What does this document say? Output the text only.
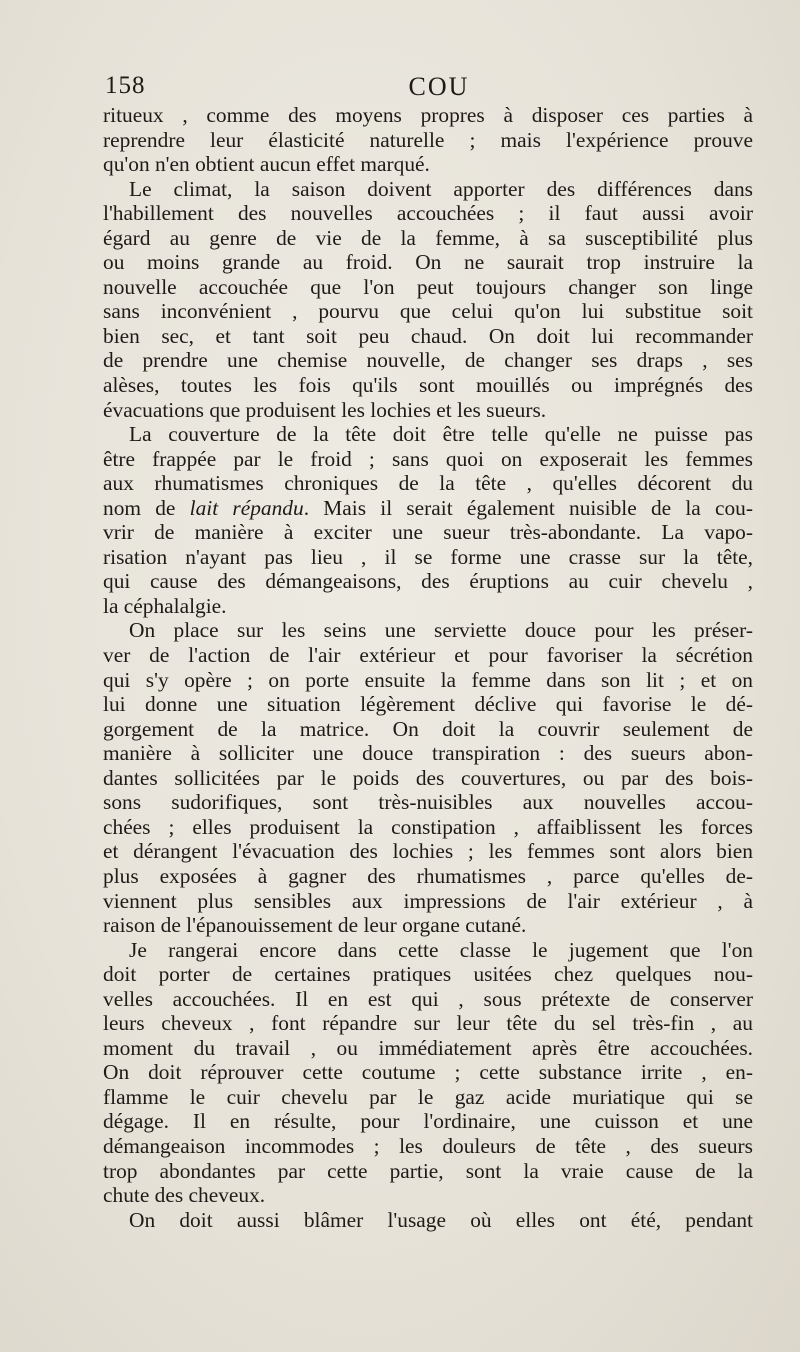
158	COU
rituеux , comme des moyens propres à disposer ces parties à
reprendre leur élasticité naturelle ; mais l'expérience prouve
qu'on n'en obtient aucun effet marqué.
Le climat, la saison doivent apporter des différences dans
l'habillement des nouvelles accouchées ; il faut aussi avoir
égard au genre de vie de la femme, à sa susceptibilité plus
ou moins grande au froid. On ne saurait trop instruire la
nouvelle accouchée que l'on peut toujours changer son linge
sans inconvénient , pourvu que celui qu'on lui substitue soit
bien sec, et tant soit peu chaud. On doit lui recommander
de prendre une chemise nouvelle, de changer ses draps , ses
alèses, toutes les fois qu'ils sont mouillés ou imprégnés des
évacuations que produisent les lochies et les sueurs.
La couverture de la tête doit être telle qu'elle ne puisse pas
être frappée par le froid ; sans quoi on exposerait les femmes
aux rhumatismes chroniques de la tête , qu'elles décorent du
nom de lait répandu. Mais il serait également nuisible de la cou-
vrir de manière à exciter une sueur très-abondante. La vapo-
risation n'ayant pas lieu , il se forme une crasse sur la tête,
qui cause des démangeaisons, des éruptions au cuir chevelu ,
la céphalalgie.
On place sur les seins une serviette douce pour les préser-
ver de l'action de l'air extérieur et pour favoriser la sécrétion
qui s'y opère ; on porte ensuite la femme dans son lit ; et on
lui donne une situation légèrement déclive qui favorise le dé-
gorgement de la matrice. On doit la couvrir seulement de
manière à solliciter une douce transpiration : des sueurs abon-
dantes sollicitées par le poids des couvertures, ou par des bois-
sons sudorifiques, sont très-nuisibles aux nouvelles accou-
chées ; elles produisent la constipation , affaiblissent les forces
et dérangent l'évacuation des lochies ; les femmes sont alors bien
plus exposées à gagner des rhumatismes , parce qu'elles de-
viennent plus sensibles aux impressions de l'air extérieur , à
raison de l'épanouissement de leur organe cutané.
Je rangerai encore dans cette classe le jugement que l'on
doit porter de certaines pratiques usitées chez quelques nou-
velles accouchées. Il en est qui , sous prétexte de conserver
leurs cheveux , font répandre sur leur tête du sel très-fin , au
moment du travail , ou immédiatement après être accouchées.
On doit réprouver cette coutume ; cette substance irrite , en-
flamme le cuir chevelu par le gaz acide muriatique qui se
dégage. Il en résulte, pour l'ordinaire, une cuisson et une
démangeaison incommodes ; les douleurs de tête , des sueurs
trop abondantes par cette partie, sont la vraie cause de la
chute des cheveux.
On doit aussi blâmer l'usage où elles ont été, pendant
